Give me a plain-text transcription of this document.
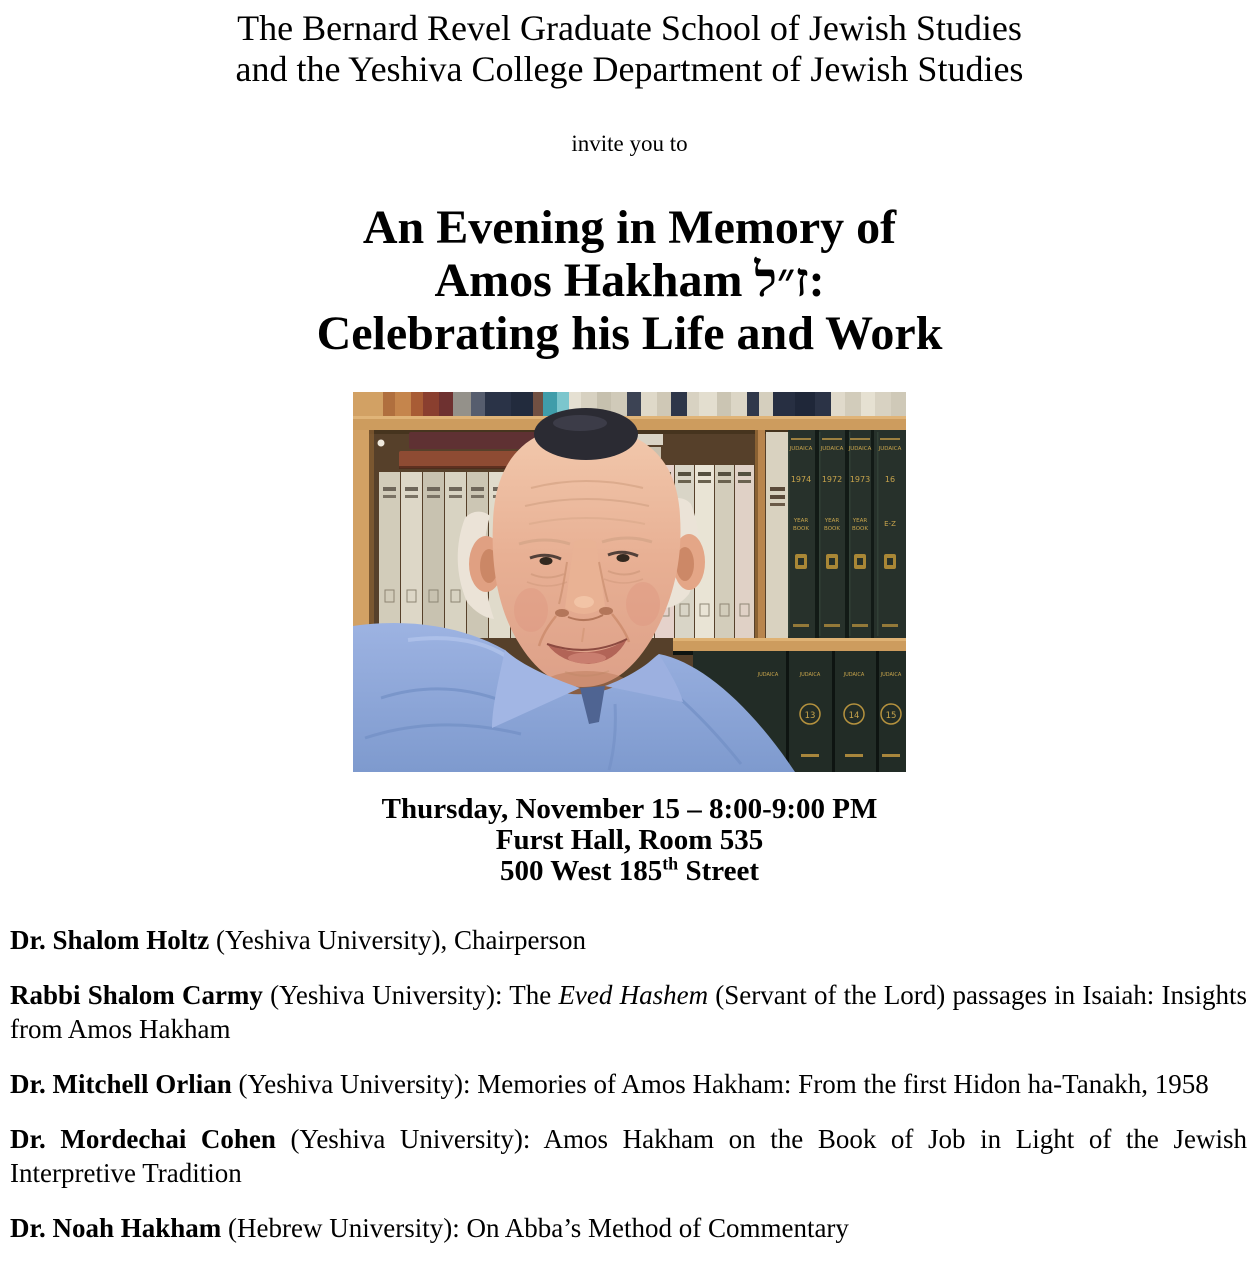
The Bernard Revel Graduate School of Jewish Studies
and the Yeshiva College Department of Jewish Studies
invite you to
An Evening in Memory of
Amos Hakham ז״ל:
Celebrating his Life and Work
JUDAICA JUDAICA JUDAICA JUDAICA
1974 1972 1973 16
YEAR
BOOK
YEAR
BOOK
YEAR
BOOK
E-Z
JUDAICA	JUDAICA	JUDAICA	JUDAICA
13	14	15
Thursday, November 15 – 8:00-9:00 PM
Furst Hall, Room 535
500 West 185th Street

Dr. Shalom Holtz (Yeshiva University), Chairperson

Rabbi Shalom Carmy (Yeshiva University): The Eved Hashem (Servant of the Lord) passages in Isaiah: Insights from Amos Hakham

Dr. Mitchell Orlian (Yeshiva University): Memories of Amos Hakham: From the first Hidon ha-Tanakh, 1958

Dr. Mordechai Cohen (Yeshiva University): Amos Hakham on the Book of Job in Light of the Jewish Interpretive Tradition

Dr. Noah Hakham (Hebrew University): On Abba’s Method of Commentary
